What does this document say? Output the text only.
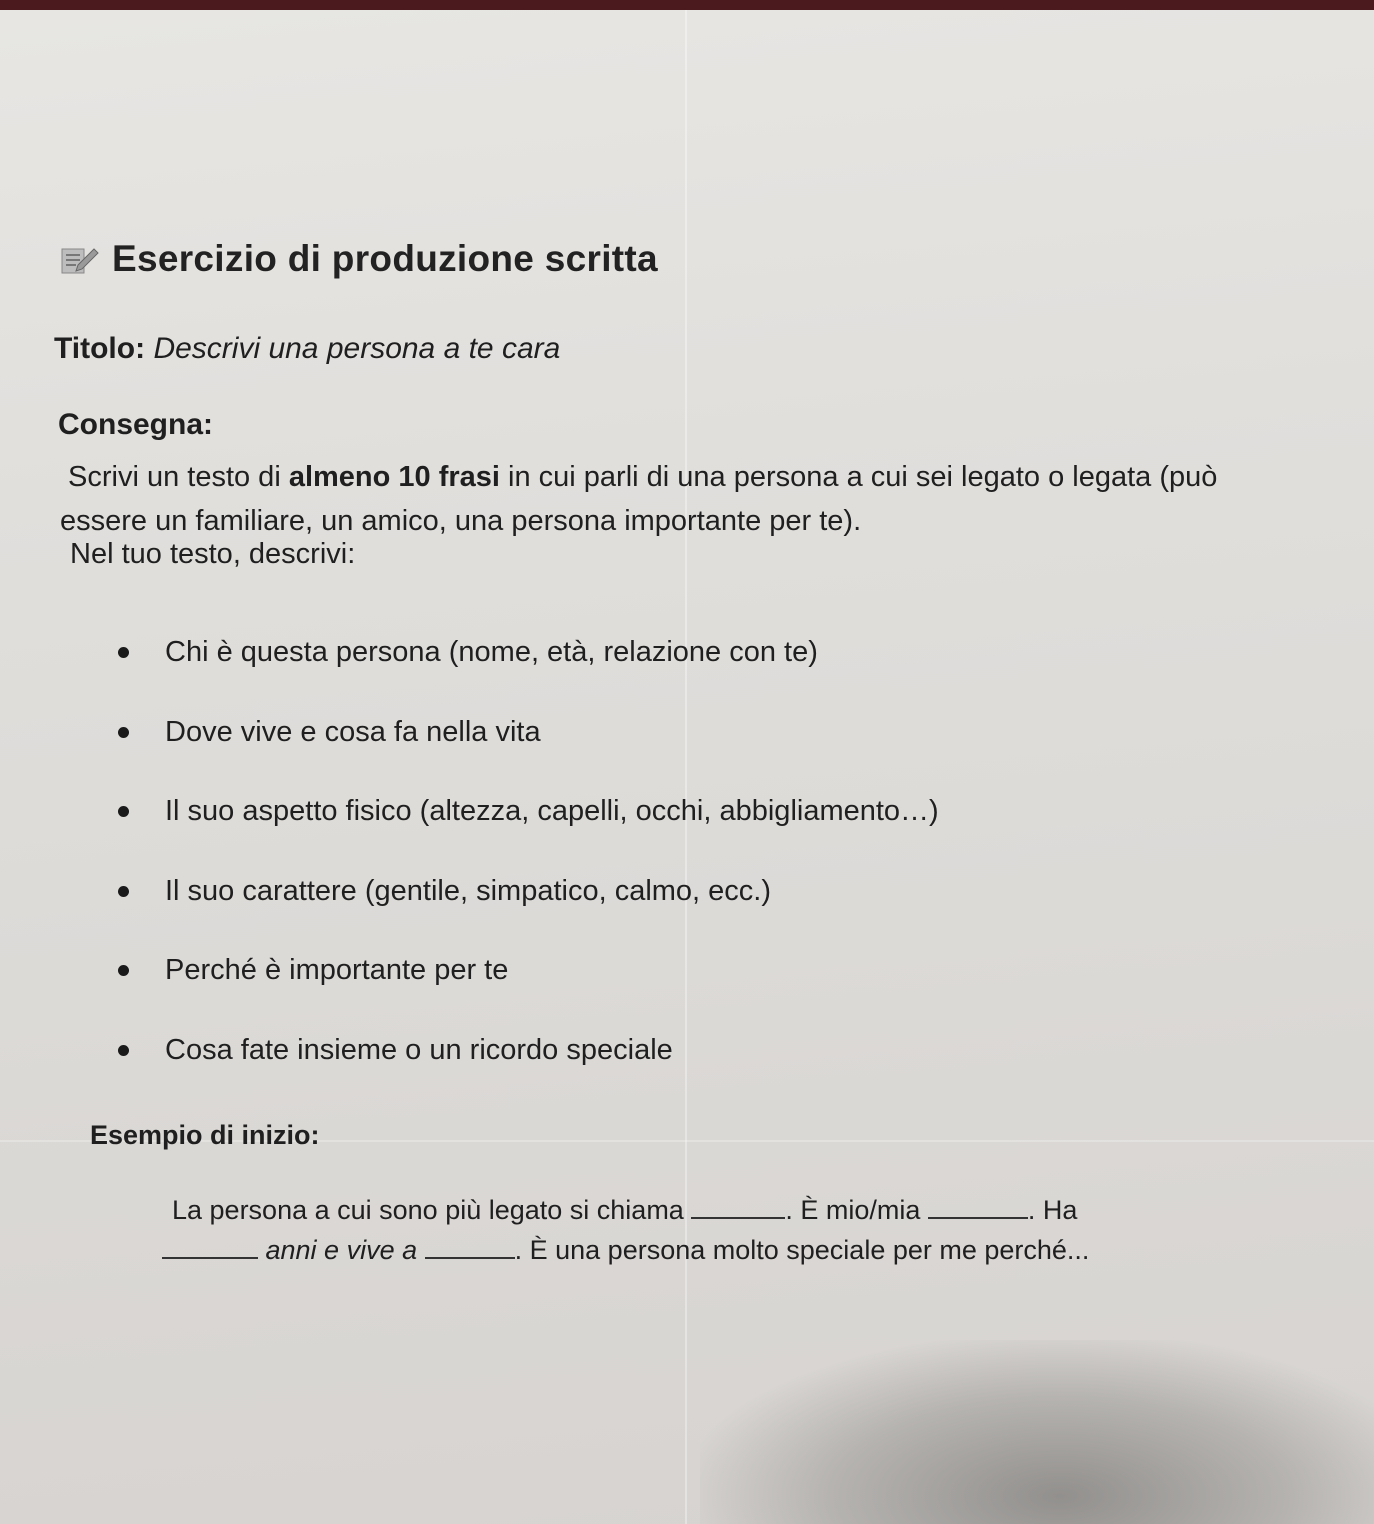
Esercizio di produzione scritta
Titolo: Descrivi una persona a te cara
Consegna:
Scrivi un testo di almeno 10 frasi in cui parli di una persona a cui sei legato o legata (può
essere un familiare, un amico, una persona importante per te).
Nel tuo testo, descrivi:
Chi è questa persona (nome, età, relazione con te)
Dove vive e cosa fa nella vita
Il suo aspetto fisico (altezza, capelli, occhi, abbigliamento…)
Il suo carattere (gentile, simpatico, calmo, ecc.)
Perché è importante per te
Cosa fate insieme o un ricordo speciale
Esempio di inizio:
La persona a cui sono più legato si chiama	. È mio/mia	. Ha
anni e vive a	. È una persona molto speciale per me perché...
